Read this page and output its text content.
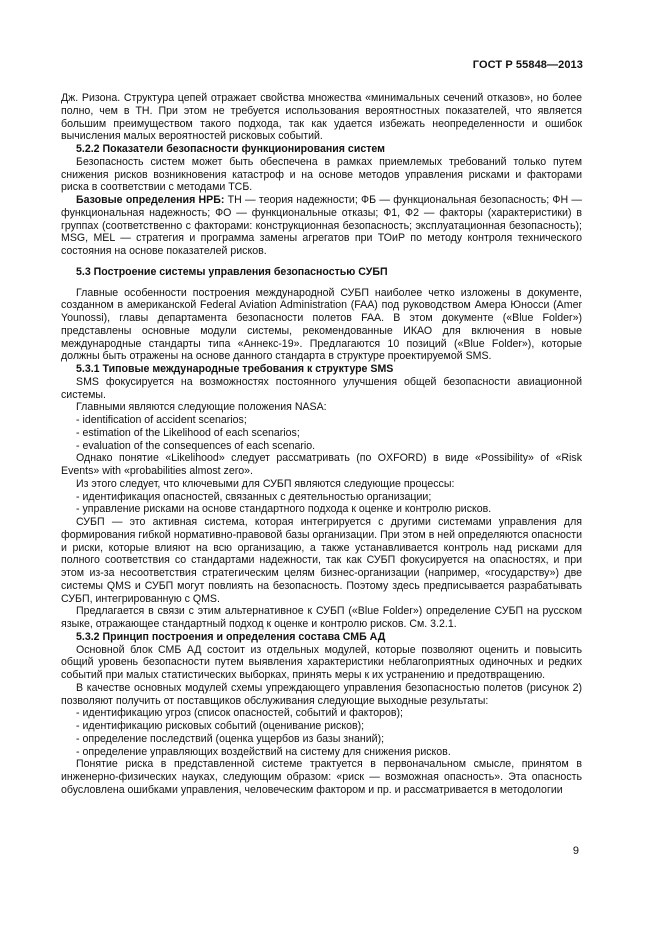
ГОСТ Р 55848—2013

Дж. Ризона. Структура цепей отражает свойства множества «минимальных сечений отказов», но более полно, чем в ТН. При этом не требуется использования вероятностных показателей, что является большим преимуществом такого подхода, так как удается избежать неопределенности и ошибок вычисления малых вероятностей рисковых событий.

5.2.2 Показатели безопасности функционирования систем

Безопасность систем может быть обеспечена в рамках приемлемых требований только путем снижения рисков возникновения катастроф и на основе методов управления рисками и факторами риска в соответствии с методами ТСБ.

Базовые определения НРБ: ТН — теория надежности; ФБ — функциональная безопасность; ФН — функциональная надежность; ФО — функциональные отказы; Ф1, Ф2 — факторы (характеристики) в группах (соответственно с факторами: конструкционная безопасность; эксплуатационная безопасность); MSG, MEL — стратегия и программа замены агрегатов при ТОиР по методу контроля технического состояния на основе показателей рисков.

5.3 Построение системы управления безопасностью СУБП

Главные особенности построения международной СУБП наиболее четко изложены в документе, созданном в американской Federal Aviation Administration (FAA) под руководством Амера Юносси (Amer Younossi), главы департамента безопасности полетов FAA. В этом документе («Blue Folder») представлены основные модули системы, рекомендованные ИКАО для включения в новые международные стандарты типа «Аннекс-19». Предлагаются 10 позиций («Blue Folder»), которые должны быть отражены на основе данного стандарта в структуре проектируемой SMS.

5.3.1 Типовые международные требования к структуре SMS

SMS фокусируется на возможностях постоянного улучшения общей безопасности авиационной системы.

Главными являются следующие положения NASA:

- identification of accident scenarios;

- estimation of the Likelihood of each scenarios;

- evaluation of the consequences of each scenario.

Однако понятие «Likelihood» следует рассматривать (по OXFORD) в виде «Possibility» of «Risk Events» with «probabilities almost zero».

Из этого следует, что ключевыми для СУБП являются следующие процессы:

- идентификация опасностей, связанных с деятельностью организации;

- управление рисками на основе стандартного подхода к оценке и контролю рисков.

СУБП — это активная система, которая интегрируется с другими системами управления для формирования гибкой нормативно-правовой базы организации. При этом в ней определяются опасности и риски, которые влияют на всю организацию, а также устанавливается контроль над рисками для полного соответствия со стандартами надежности, так как СУБП фокусируется на опасностях, и при этом из-за несоответствия стратегическим целям бизнес-организации (например, «государству») две системы QMS и СУБП могут повлиять на безопасность. Поэтому здесь предписывается разрабатывать СУБП, интегрированную с QMS.

Предлагается в связи с этим альтернативное к СУБП («Blue Folder») определение СУБП на русском языке, отражающее стандартный подход к оценке и контролю рисков. См. 3.2.1.

5.3.2 Принцип построения и определения состава СМБ АД

Основной блок СМБ АД состоит из отдельных модулей, которые позволяют оценить и повысить общий уровень безопасности путем выявления характеристики неблагоприятных одиночных и редких событий при малых статистических выборках, принять меры к их устранению и предотвращению.

В качестве основных модулей схемы упреждающего управления безопасностью полетов (рисунок 2) позволяют получить от поставщиков обслуживания следующие выходные результаты:

- идентификацию угроз (список опасностей, событий и факторов);

- идентификацию рисковых событий (оценивание рисков);

- определение последствий (оценка ущербов из базы знаний);

- определение управляющих воздействий на систему для снижения рисков.

Понятие риска в представленной системе трактуется в первоначальном смысле, принятом в инженерно-физических науках, следующим образом: «риск — возможная опасность». Эта опасность обусловлена ошибками управления, человеческим фактором и пр. и рассматривается в методологии

9
